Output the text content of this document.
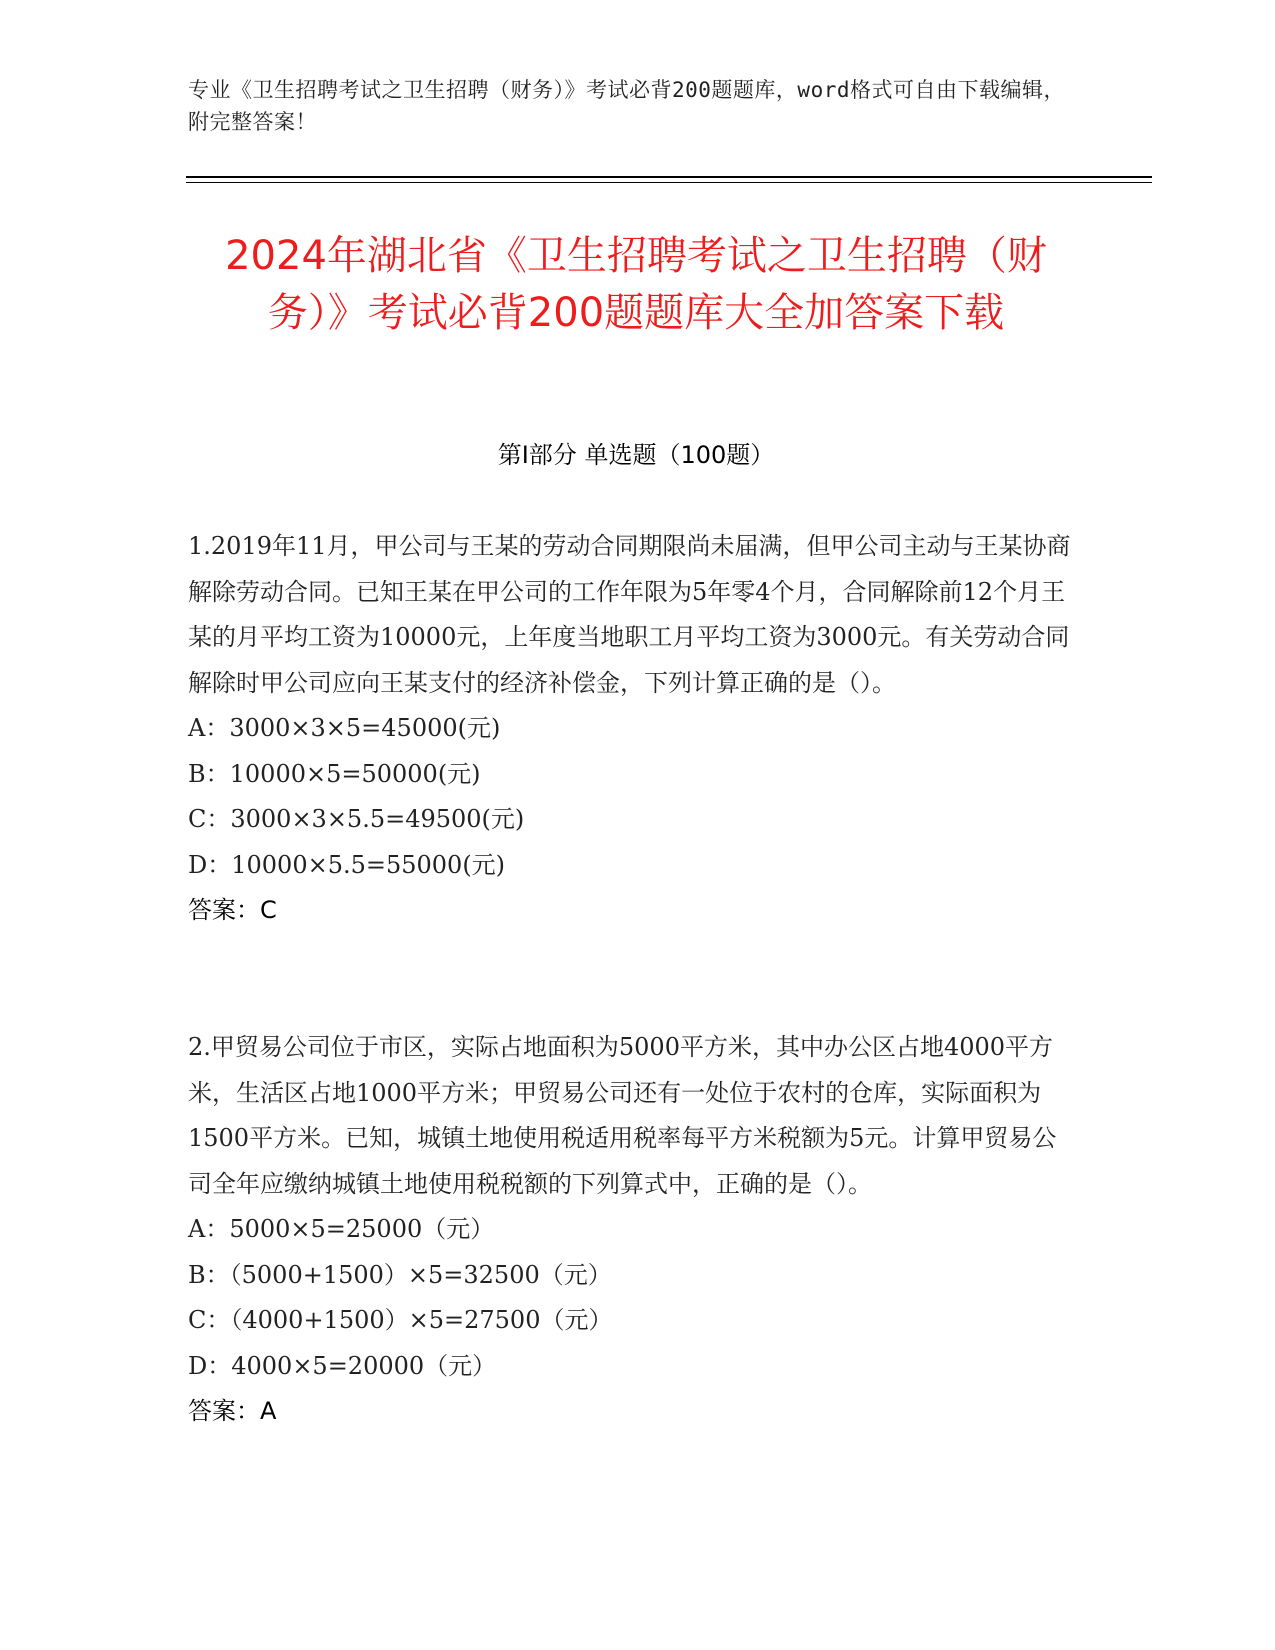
专业《卫生招聘考试之卫生招聘（财务）》考试必背200题题库，word格式可自由下载编辑，附完整答案！
2024年湖北省《卫生招聘考试之卫生招聘（财务）》考试必背200题题库大全加答案下载
第Ⅰ部分 单选题（100题）

1.2019年11月，甲公司与王某的劳动合同期限尚未届满，但甲公司主动与王某协商解除劳动合同。已知王某在甲公司的工作年限为5年零4个月，合同解除前12个月王某的月平均工资为10000元，上年度当地职工月平均工资为3000元。有关劳动合同解除时甲公司应向王某支付的经济补偿金，下列计算正确的是（）。

A：3000×3×5=45000(元)

B：10000×5=50000(元)

C：3000×3×5.5=49500(元)

D：10000×5.5=55000(元)

答案：C

2.甲贸易公司位于市区，实际占地面积为5000平方米，其中办公区占地4000平方米，生活区占地1000平方米；甲贸易公司还有一处位于农村的仓库，实际面积为1500平方米。已知，城镇土地使用税适用税率每平方米税额为5元。计算甲贸易公司全年应缴纳城镇土地使用税税额的下列算式中，正确的是（）。

A：5000×5=25000（元）

B：（5000+1500）×5=32500（元）

C：（4000+1500）×5=27500（元）

D：4000×5=20000（元）

答案：A
